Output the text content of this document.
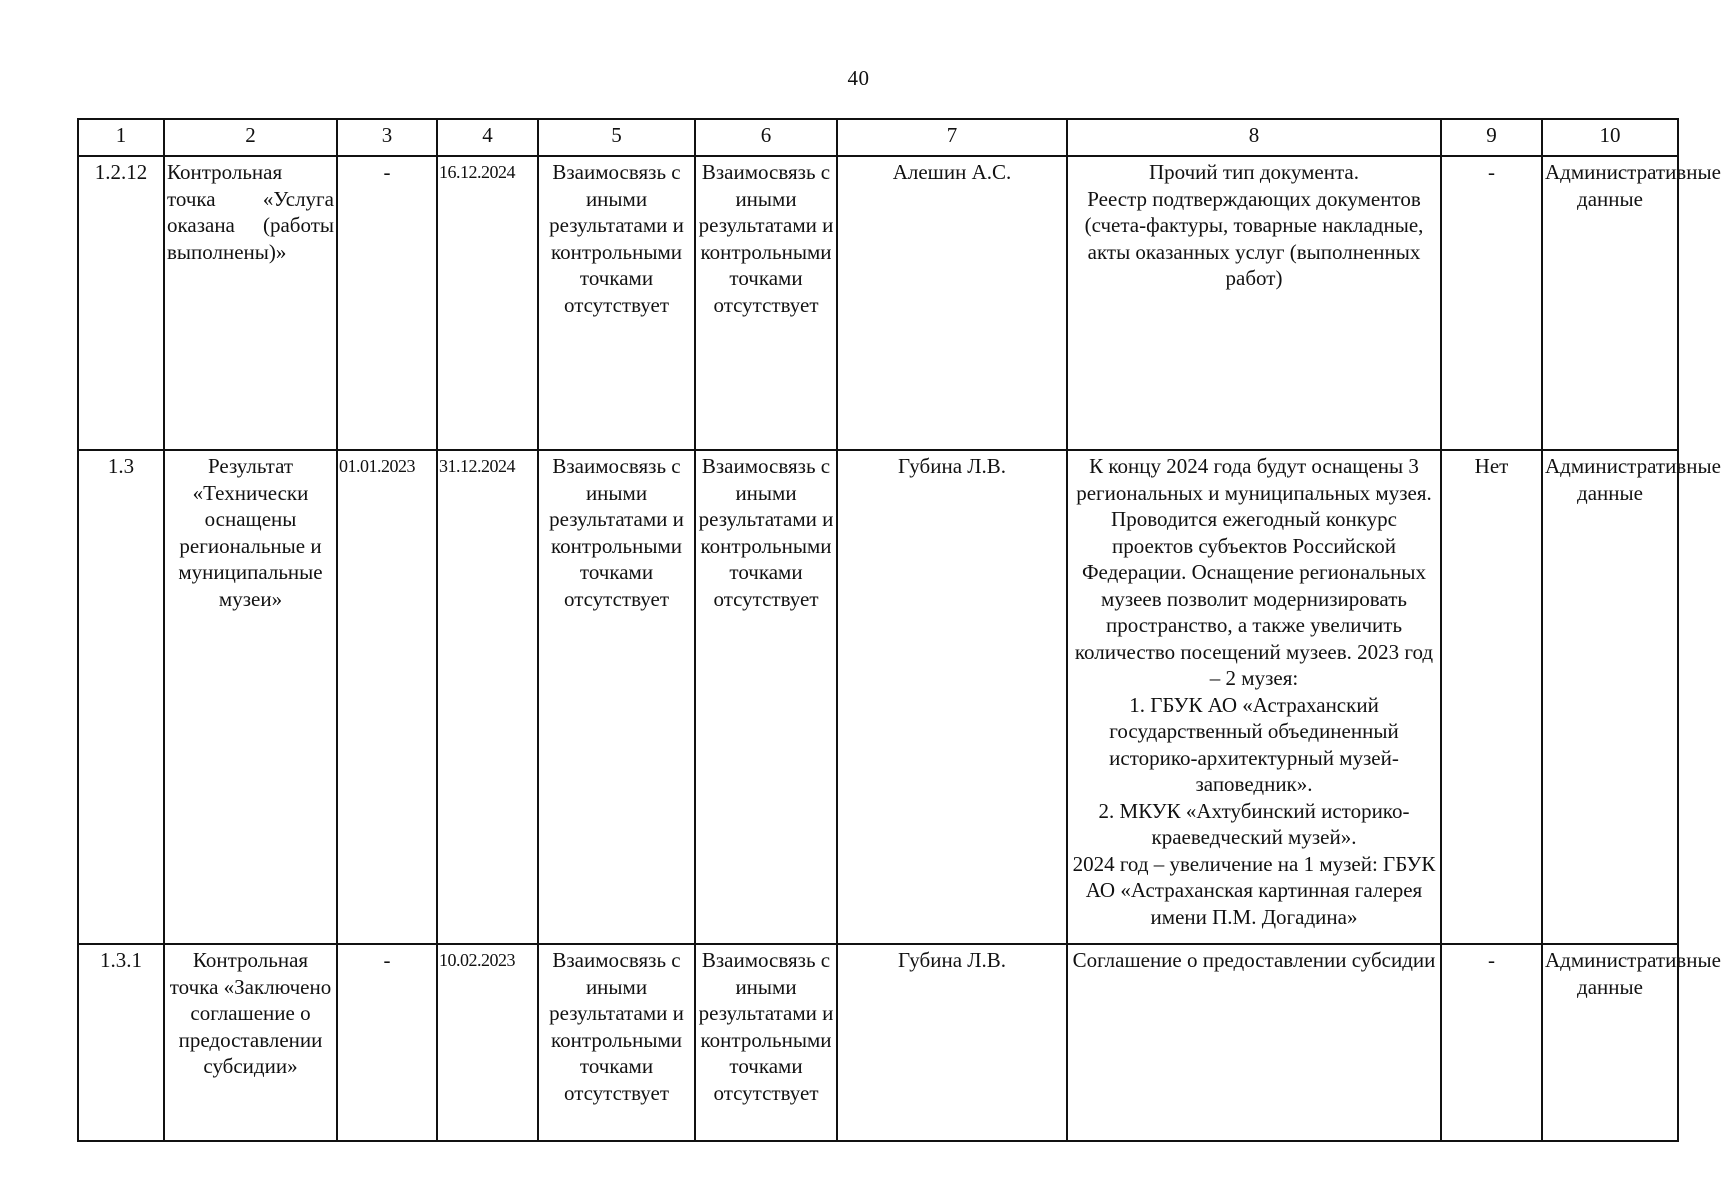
40
1	2	3	4	5	6	7	8	9	10
1.2.12	Контрольная точка «Услуга оказана (работы выполнены)»	-	16.12.2024	Взаимосвязь с иными результатами и контрольными точками отсутствует	Взаимосвязь с иными результатами и контрольными точками отсутствует	Алешин А.С.	Прочий тип документа.
Реестр подтверждающих документов (счета-фактуры, товарные накладные, акты оказанных услуг (выполненных работ)	-	Административные данные
1.3	Результат «Технически оснащены региональные и муниципальные музеи»	01.01.2023	31.12.2024	Взаимосвязь с иными результатами и контрольными точками отсутствует	Взаимосвязь с иными результатами и контрольными точками отсутствует	Губина Л.В.	К концу 2024 года будут оснащены 3 региональных и муниципальных музея. Проводится ежегодный конкурс проектов субъектов Российской Федерации. Оснащение региональных музеев позволит модернизировать пространство, а также увеличить количество посещений музеев. 2023 год – 2 музея:
1. ГБУК АО «Астраханский государственный объединенный историко-архитектурный музей-заповедник».
2. МКУК «Ахтубинский историко-краеведческий музей».
2024 год – увеличение на 1 музей: ГБУК АО «Астраханская картинная галерея имени П.М. Догадина»	Нет	Административные данные
1.3.1	Контрольная точка «Заключено соглашение о предоставлении субсидии»	-	10.02.2023	Взаимосвязь с иными результатами и контрольными точками отсутствует	Взаимосвязь с иными результатами и контрольными точками отсутствует	Губина Л.В.	Соглашение о предоставлении субсидии	-	Административные данные
